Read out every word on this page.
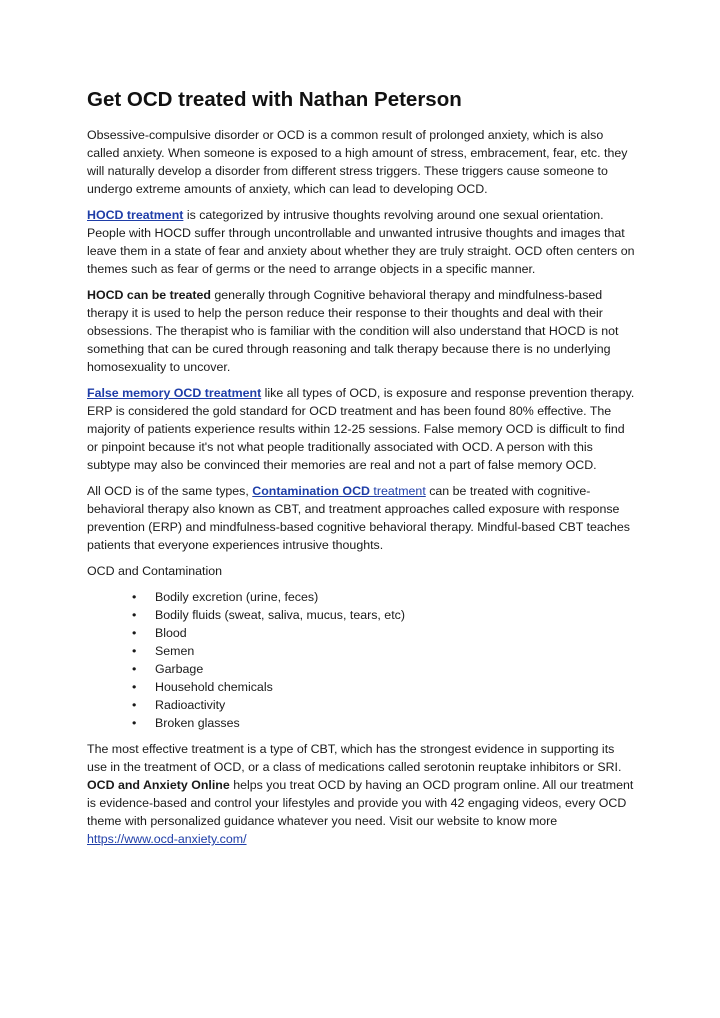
Get OCD treated with Nathan Peterson

Obsessive-compulsive disorder or OCD is a common result of prolonged anxiety, which is also called anxiety. When someone is exposed to a high amount of stress, embracement, fear, etc. they will naturally develop a disorder from different stress triggers. These triggers cause someone to undergo extreme amounts of anxiety, which can lead to developing OCD.

HOCD treatment is categorized by intrusive thoughts revolving around one sexual orientation. People with HOCD suffer through uncontrollable and unwanted intrusive thoughts and images that leave them in a state of fear and anxiety about whether they are truly straight. OCD often centers on themes such as fear of germs or the need to arrange objects in a specific manner.

HOCD can be treated generally through Cognitive behavioral therapy and mindfulness-based therapy it is used to help the person reduce their response to their thoughts and deal with their obsessions. The therapist who is familiar with the condition will also understand that HOCD is not something that can be cured through reasoning and talk therapy because there is no underlying homosexuality to uncover.

False memory OCD treatment like all types of OCD, is exposure and response prevention therapy. ERP is considered the gold standard for OCD treatment and has been found 80% effective. The majority of patients experience results within 12-25 sessions. False memory OCD is difficult to find or pinpoint because it's not what people traditionally associated with OCD. A person with this subtype may also be convinced their memories are real and not a part of false memory OCD.

All OCD is of the same types, Contamination OCD treatment can be treated with cognitive-behavioral therapy also known as CBT, and treatment approaches called exposure with response prevention (ERP) and mindfulness-based cognitive behavioral therapy. Mindful-based CBT teaches patients that everyone experiences intrusive thoughts.

OCD and Contamination

• Bodily excretion (urine, feces)
• Bodily fluids (sweat, saliva, mucus, tears, etc)
• Blood
• Semen
• Garbage
• Household chemicals
• Radioactivity
• Broken glasses

The most effective treatment is a type of CBT, which has the strongest evidence in supporting its use in the treatment of OCD, or a class of medications called serotonin reuptake inhibitors or SRI. OCD and Anxiety Online helps you treat OCD by having an OCD program online. All our treatment is evidence-based and control your lifestyles and provide you with 42 engaging videos, every OCD theme with personalized guidance whatever you need. Visit our website to know more https://www.ocd-anxiety.com/
